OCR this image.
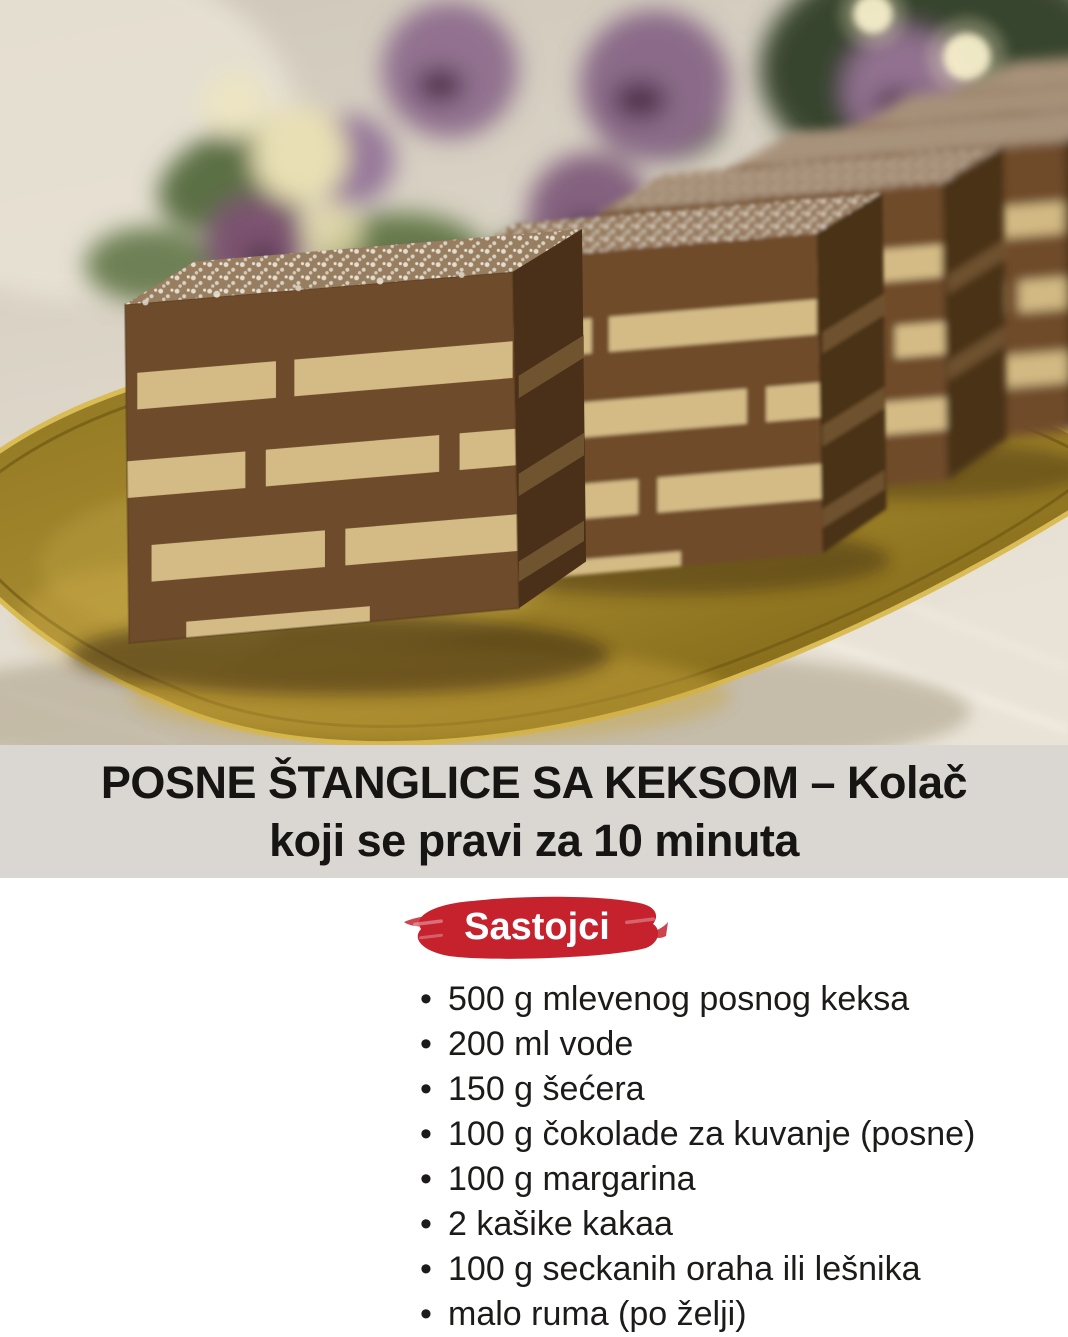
POSNE ŠTANGLICE SA KEKSOM – Kolač
koji se pravi za 10 minuta
Sastojci
• 500 g mlevenog posnog keksa
• 200 ml vode
• 150 g šećera
• 100 g čokolade za kuvanje (posne)
• 100 g margarina
• 2 kašike kakaa
• 100 g seckanih oraha ili lešnika
• malo ruma (po želji)
